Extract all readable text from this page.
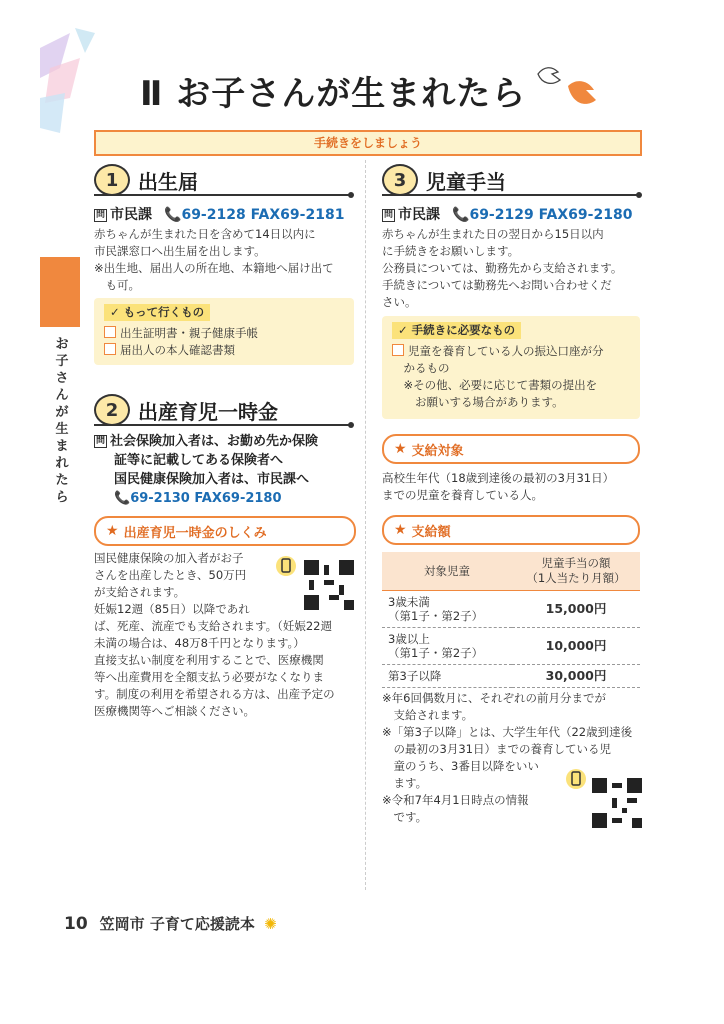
Ⅱ お子さんが生まれたら
手続きをしましょう
お子さんが生まれたら
1 出生届
問 市民課 📞69-2128 FAX69-2181
赤ちゃんが生まれた日を含めて14日以内に
市民課窓口へ出生届を出します。
※出生地、届出人の所在地、本籍地へ届け出て
　も可。
✓ もって行くもの
出生証明書・親子健康手帳
届出人の本人確認書類
2 出産育児一時金
問 社会保険加入者は、お勤め先か保険
証等に記載してある保険者へ
国民健康保険加入者は、市民課へ
📞69-2130 FAX69-2180
★ 出産育児一時金のしくみ
国民健康保険の加入者がお子
さんを出産したとき、50万円
が支給されます。
妊娠12週（85日）以降であれ
ば、死産、流産でも支給されます。（妊娠22週
未満の場合は、48万8千円となります。）
直接支払い制度を利用することで、医療機関
等へ出産費用を全額支払う必要がなくなりま
す。制度の利用を希望される方は、出産予定の
医療機関等へご相談ください。
3 児童手当
問 市民課 📞69-2129 FAX69-2180
赤ちゃんが生まれた日の翌日から15日以内
に手続きをお願いします。
公務員については、勤務先から支給されます。
手続きについては勤務先へお問い合わせくだ
さい。
✓ 手続きに必要なもの
児童を養育している人の振込口座が分
　かるもの
　※その他、必要に応じて書類の提出を
　　お願いする場合があります。
★ 支給対象
高校生年代（18歳到達後の最初の3月31日）
までの児童を養育している人。
★ 支給額
対象児童	児童手当の額
（1人当たり月額）
3歳未満
（第1子・第2子）	15,000円
3歳以上
（第1子・第2子）	10,000円
第3子以降	30,000円
※年6回偶数月に、それぞれの前月分までが
　支給されます。
※「第3子以降」とは、大学生年代（22歳到達後
　の最初の3月31日）までの養育している児
　童のうち、3番目以降をいい
　ます。
※令和7年4月1日時点の情報
　です。
10 笠岡市 子育て応援読本 ✺
